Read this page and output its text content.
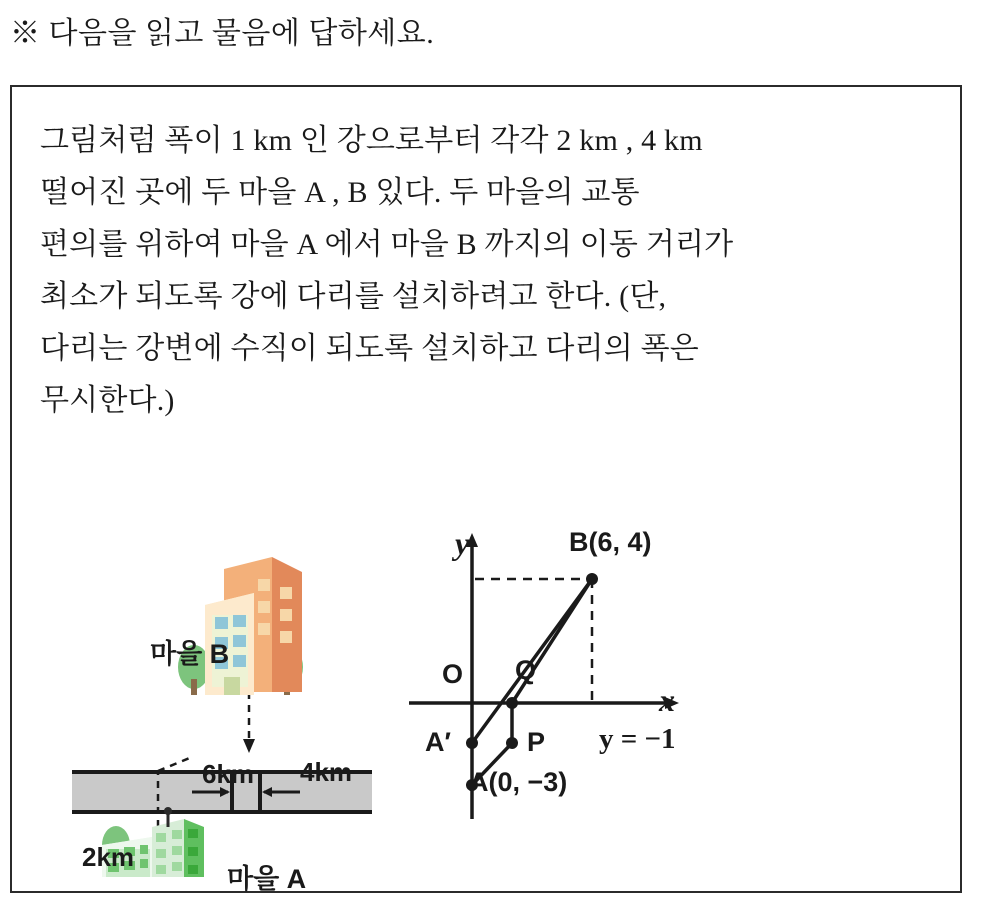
※ 다음을 읽고 물음에 답하세요.
그림처럼 폭이 1 km 인 강으로부터 각각 2 km , 4 km
떨어진 곳에 두 마을 A , B 있다. 두 마을의 교통
편의를 위하여 마을 A 에서 마을 B 까지의 이동 거리가
최소가 되도록 강에 다리를 설치하려고 한다. (단,
다리는 강변에 수직이 되도록 설치하고 다리의 폭은
무시한다.)
마을 B
마을 A
6km 4km
2km
B(6, 4)
O Q
P
A′
A(0, −3)
y = −1
x
y
